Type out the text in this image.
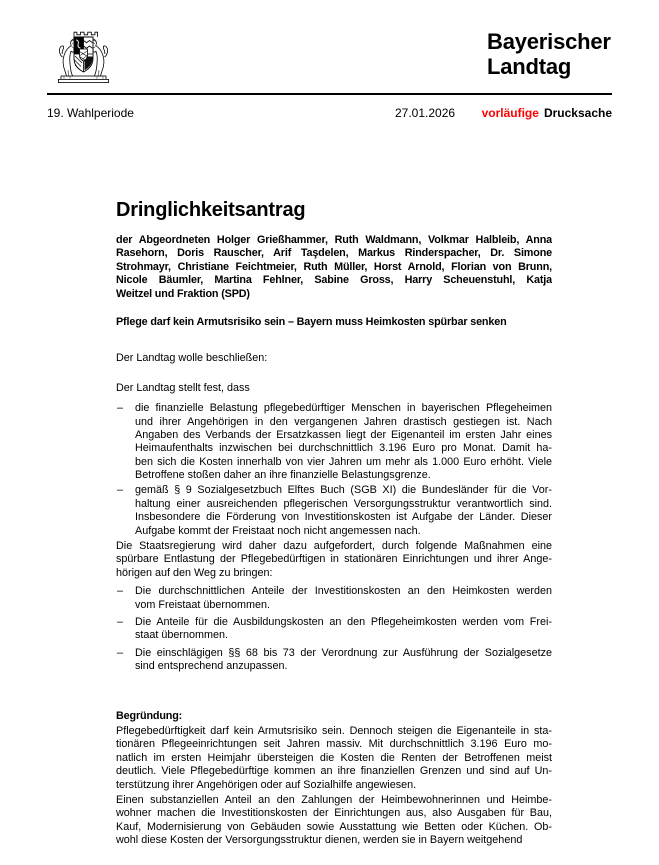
Bayerischer
Landtag
19. Wahlperiode	27.01.2026 vorläufige Drucksache
Dringlichkeitsantrag
der Abgeordneten Holger Grießhammer, Ruth Waldmann, Volkmar Halbleib, Anna
Rasehorn, Doris Rauscher, Arif Taşdelen, Markus Rinderspacher, Dr. Simone
Strohmayr, Christiane Feichtmeier, Ruth Müller, Horst Arnold, Florian von Brunn,
Nicole Bäumler, Martina Fehlner, Sabine Gross, Harry Scheuenstuhl, Katja
Weitzel und Fraktion (SPD)
Pflege darf kein Armutsrisiko sein – Bayern muss Heimkosten spürbar senken
Der Landtag wolle beschließen:
Der Landtag stellt fest, dass
– die finanzielle Belastung pflegebedürftiger Menschen in bayerischen Pflegeheimen
und ihrer Angehörigen in den vergangenen Jahren drastisch gestiegen ist. Nach
Angaben des Verbands der Ersatzkassen liegt der Eigenanteil im ersten Jahr eines
Heimaufenthalts inzwischen bei durchschnittlich 3.196 Euro pro Monat. Damit ha-
ben sich die Kosten innerhalb von vier Jahren um mehr als 1.000 Euro erhöht. Viele
Betroffene stoßen daher an ihre finanzielle Belastungsgrenze.
– gemäß § 9 Sozialgesetzbuch Elftes Buch (SGB XI) die Bundesländer für die Vor-
haltung einer ausreichenden pflegerischen Versorgungsstruktur verantwortlich sind.
Insbesondere die Förderung von Investitionskosten ist Aufgabe der Länder. Dieser
Aufgabe kommt der Freistaat noch nicht angemessen nach.
Die Staatsregierung wird daher dazu aufgefordert, durch folgende Maßnahmen eine
spürbare Entlastung der Pflegebedürftigen in stationären Einrichtungen und ihrer Ange-
hörigen auf den Weg zu bringen:
– Die durchschnittlichen Anteile der Investitionskosten an den Heimkosten werden
vom Freistaat übernommen.
– Die Anteile für die Ausbildungskosten an den Pflegeheimkosten werden vom Frei-
staat übernommen.
– Die einschlägigen §§ 68 bis 73 der Verordnung zur Ausführung der Sozialgesetze
sind entsprechend anzupassen.
Begründung:
Pflegebedürftigkeit darf kein Armutsrisiko sein. Dennoch steigen die Eigenanteile in sta-
tionären Pflegeeinrichtungen seit Jahren massiv. Mit durchschnittlich 3.196 Euro mo-
natlich im ersten Heimjahr übersteigen die Kosten die Renten der Betroffenen meist
deutlich. Viele Pflegebedürftige kommen an ihre finanziellen Grenzen und sind auf Un-
terstützung ihrer Angehörigen oder auf Sozialhilfe angewiesen.
Einen substanziellen Anteil an den Zahlungen der Heimbewohnerinnen und Heimbe-
wohner machen die Investitionskosten der Einrichtungen aus, also Ausgaben für Bau,
Kauf, Modernisierung von Gebäuden sowie Ausstattung wie Betten oder Küchen. Ob-
wohl diese Kosten der Versorgungsstruktur dienen, werden sie in Bayern weitgehend
